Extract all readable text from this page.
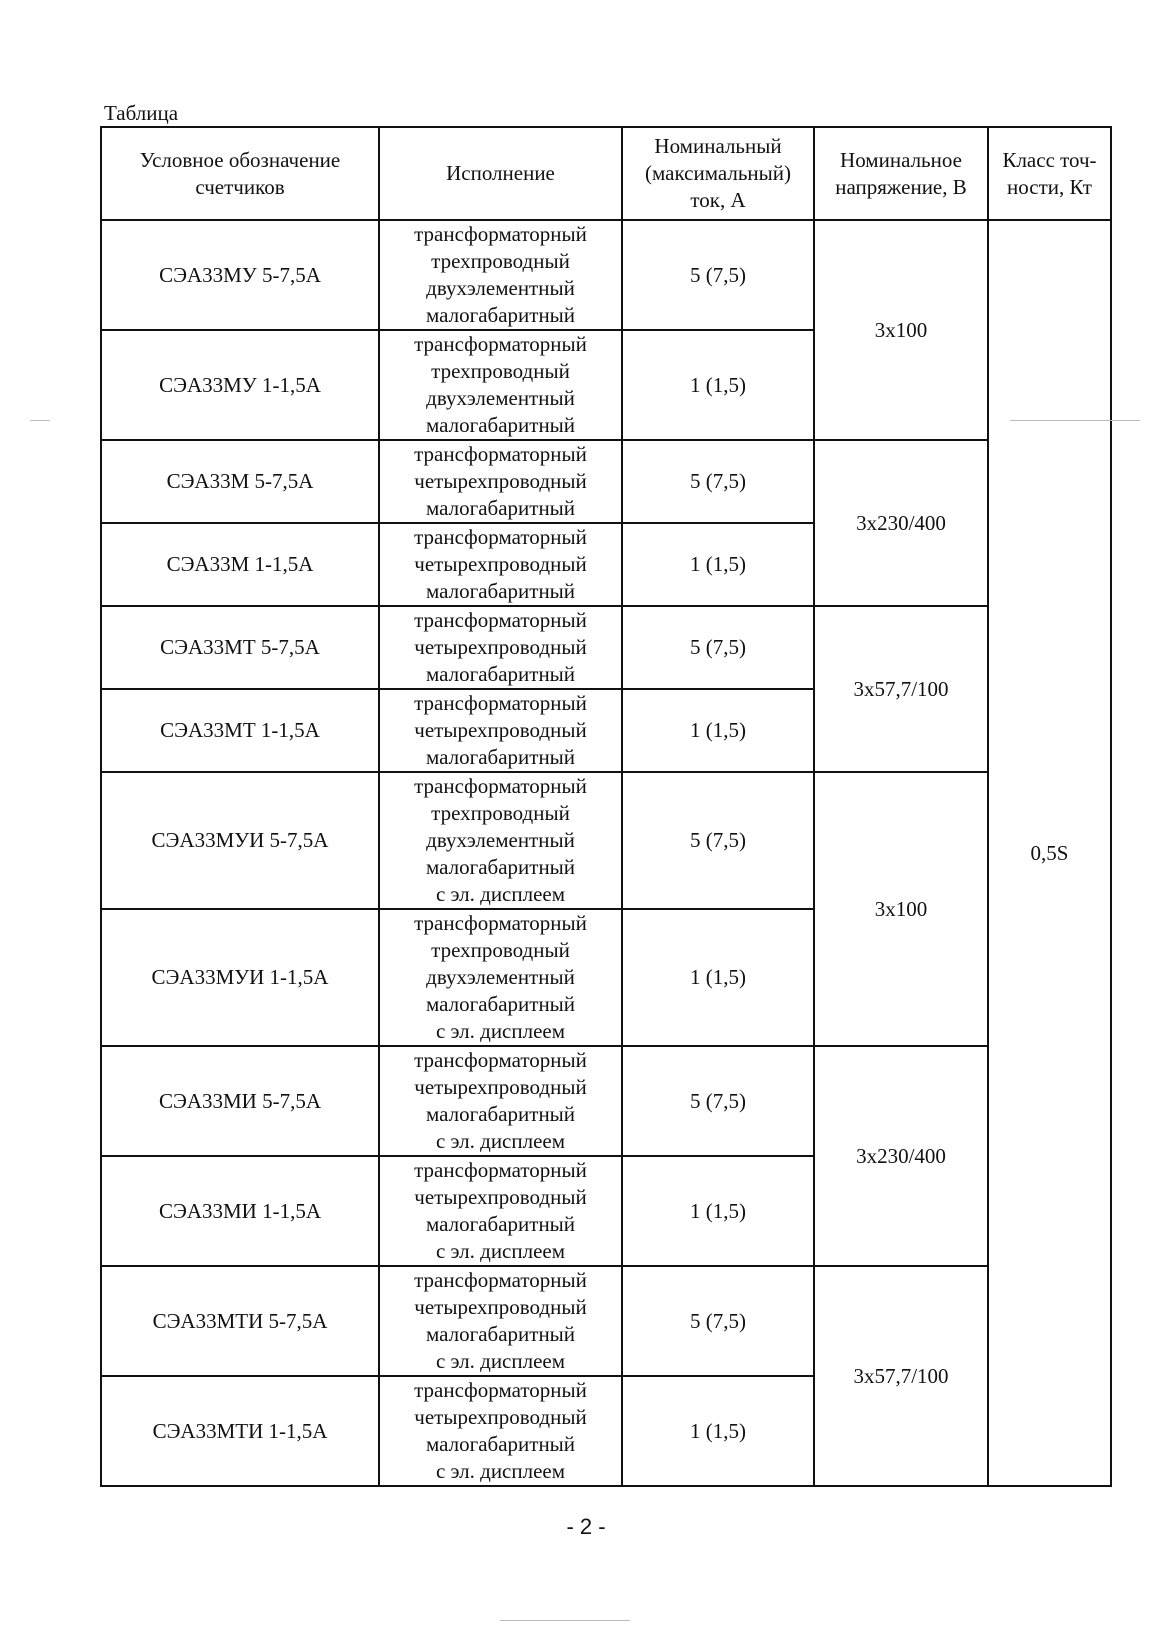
Таблица
Условное обозначение
счетчиков	Исполнение	Номинальный
(максимальный)
ток, А	Номинальное
напряжение, В	Класс точ-
ности, Кт

СЭА33МУ 5-7,5А	трансформаторный
трехпроводный
двухэлементный
малогабаритный	5 (7,5)	3х100	0,5S
СЭА33МУ 1-1,5А	трансформаторный
трехпроводный
двухэлементный
малогабаритный	1 (1,5)		
СЭА33М 5-7,5А	трансформаторный
четырехпроводный
малогабаритный	5 (7,5)	3х230/400	
СЭА33М 1-1,5А	трансформаторный
четырехпроводный
малогабаритный	1 (1,5)		
СЭА33МТ 5-7,5А	трансформаторный
четырехпроводный
малогабаритный	5 (7,5)	3х57,7/100	
СЭА33МТ 1-1,5А	трансформаторный
четырехпроводный
малогабаритный	1 (1,5)		
СЭА33МУИ 5-7,5А	трансформаторный
трехпроводный
двухэлементный
малогабаритный
с эл. дисплеем	5 (7,5)	3х100	
СЭА33МУИ 1-1,5А	трансформаторный
трехпроводный
двухэлементный
малогабаритный
с эл. дисплеем	1 (1,5)		
СЭА33МИ 5-7,5А	трансформаторный
четырехпроводный
малогабаритный
с эл. дисплеем	5 (7,5)	3х230/400	
СЭА33МИ 1-1,5А	трансформаторный
четырехпроводный
малогабаритный
с эл. дисплеем	1 (1,5)		
СЭА33МТИ 5-7,5А	трансформаторный
четырехпроводный
малогабаритный
с эл. дисплеем	5 (7,5)	3х57,7/100	
СЭА33МТИ 1-1,5А	трансформаторный
четырехпроводный
малогабаритный
с эл. дисплеем	1 (1,5)		
- 2 -
